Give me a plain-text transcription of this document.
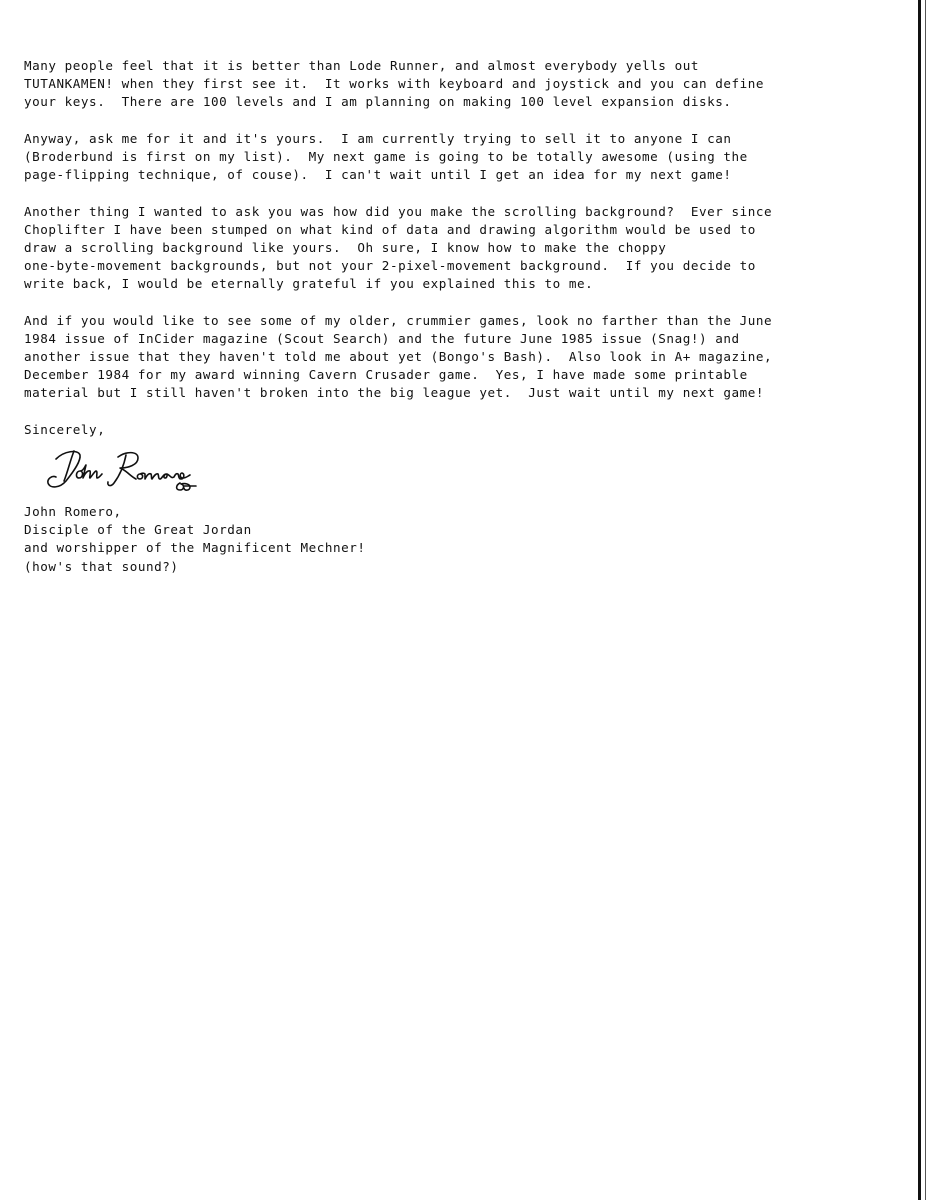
Many people feel that it is better than Lode Runner, and almost everybody yells out
TUTANKAMEN! when they first see it.  It works with keyboard and joystick and you can define
your keys.  There are 100 levels and I am planning on making 100 level expansion disks.
Anyway, ask me for it and it's yours.  I am currently trying to sell it to anyone I can
(Broderbund is first on my list).  My next game is going to be totally awesome (using the
page-flipping technique, of couse).  I can't wait until I get an idea for my next game!
Another thing I wanted to ask you was how did you make the scrolling background?  Ever since
Choplifter I have been stumped on what kind of data and drawing algorithm would be used to
draw a scrolling background like yours.  Oh sure, I know how to make the choppy
one-byte-movement backgrounds, but not your 2-pixel-movement background.  If you decide to
write back, I would be eternally grateful if you explained this to me.
And if you would like to see some of my older, crummier games, look no farther than the June
1984 issue of InCider magazine (Scout Search) and the future June 1985 issue (Snag!) and
another issue that they haven't told me about yet (Bongo's Bash).  Also look in A+ magazine,
December 1984 for my award winning Cavern Crusader game.  Yes, I have made some printable
material but I still haven't broken into the big league yet.  Just wait until my next game!
Sincerely,
John Romero,
Disciple of the Great Jordan
and worshipper of the Magnificent Mechner!
(how's that sound?)
